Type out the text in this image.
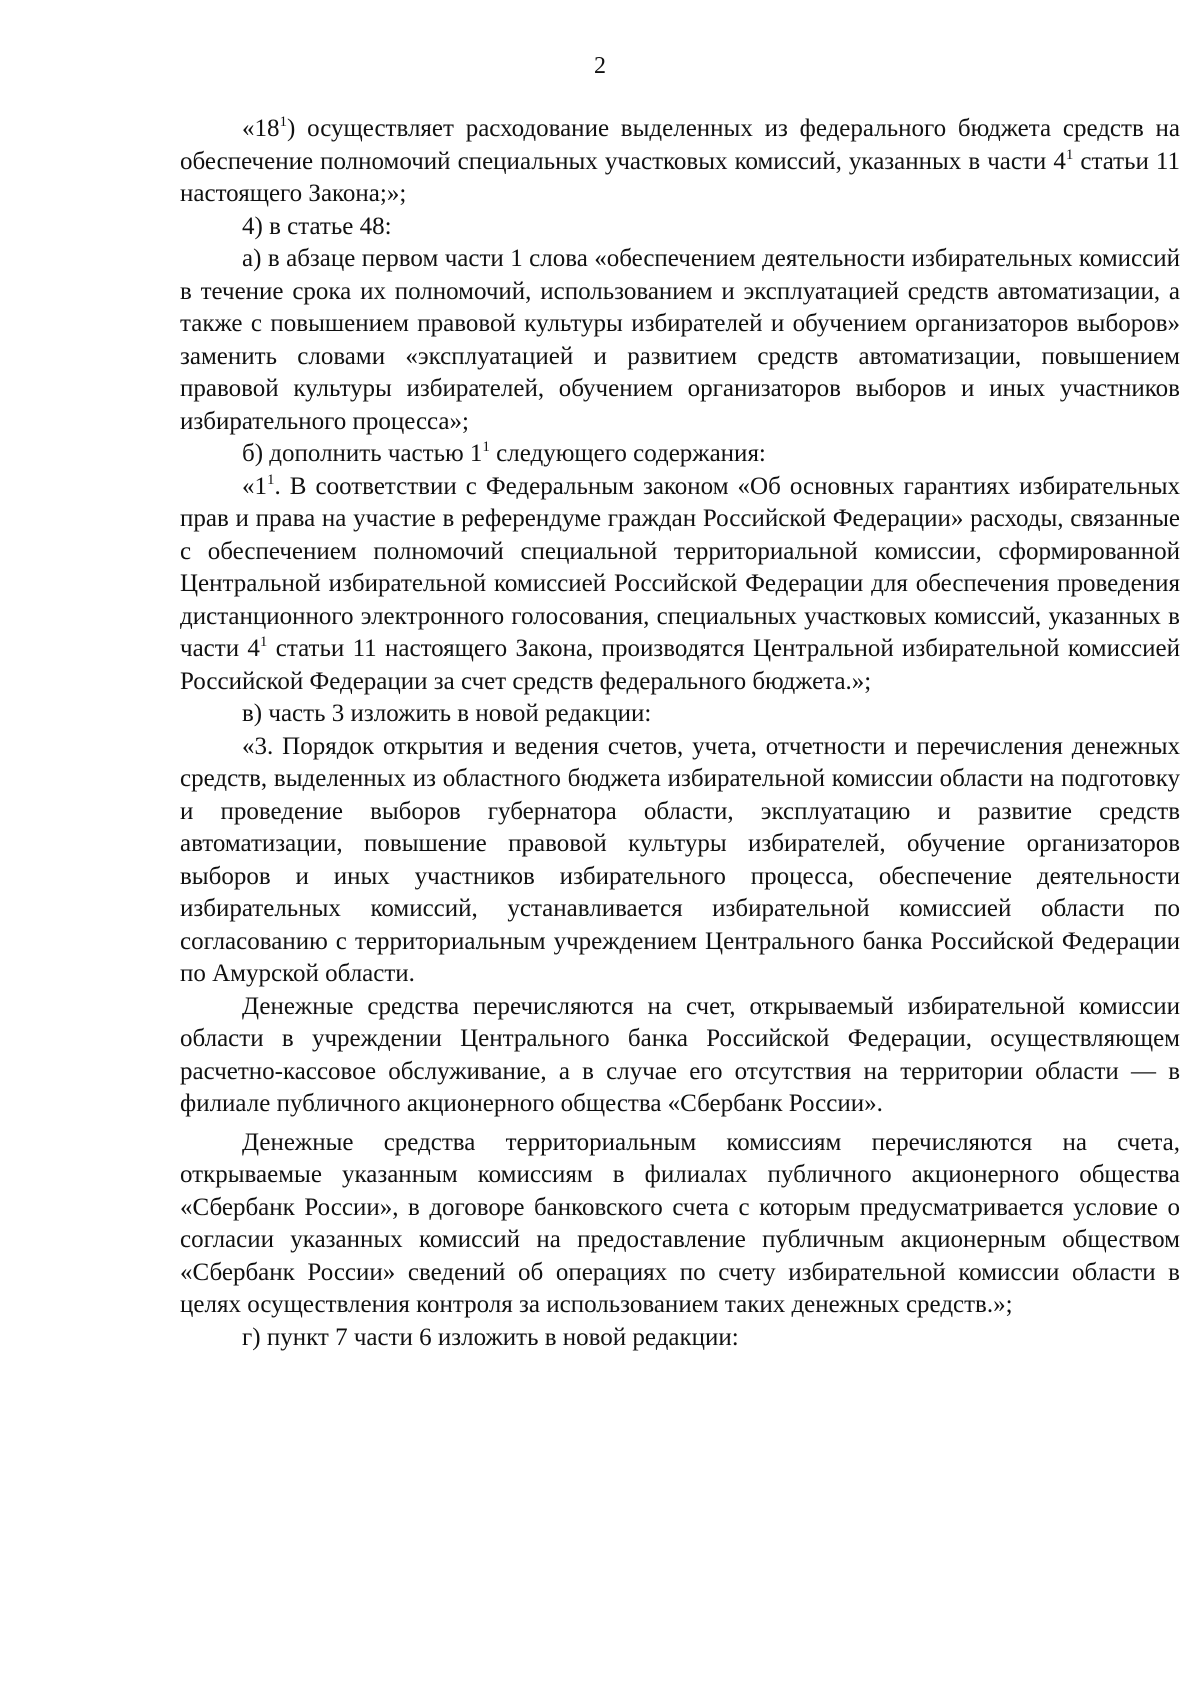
2

«$18^1$) осуществляет расходование выделенных из федерального бюджета средств на обеспечение полномочий специальных участковых комиссий, указанных в части $4^1$ статьи 11 настоящего Закона;»;

4) в статье 48:

а) в абзаце первом части 1 слова «обеспечением деятельности избирательных комиссий в течение срока их полномочий, использованием и эксплуатацией средств автоматизации, а также с повышением правовой культуры избирателей и обучением организаторов выборов» заменить словами «эксплуатацией и развитием средств автоматизации, повышением правовой культуры избирателей, обучением организаторов выборов и иных участников избирательного процесса»;

б) дополнить частью $1^1$ следующего содержания:

«$1^1$. В соответствии с Федеральным законом «Об основных гарантиях избирательных прав и права на участие в референдуме граждан Российской Федерации» расходы, связанные с обеспечением полномочий специальной территориальной комиссии, сформированной Центральной избирательной комиссией Российской Федерации для обеспечения проведения дистанционного электронного голосования, специальных участковых комиссий, указанных в части $4^1$ статьи 11 настоящего Закона, производятся Центральной избирательной комиссией Российской Федерации за счет средств федерального бюджета.»;

в) часть 3 изложить в новой редакции:

«3. Порядок открытия и ведения счетов, учета, отчетности и перечисления денежных средств, выделенных из областного бюджета избирательной комиссии области на подготовку и проведение выборов губернатора области, эксплуатацию и развитие средств автоматизации, повышение правовой культуры избирателей, обучение организаторов выборов и иных участников избирательного процесса, обеспечение деятельности избирательных комиссий, устанавливается избирательной комиссией области по согласованию с территориальным учреждением Центрального банка Российской Федерации по Амурской области.

Денежные средства перечисляются на счет, открываемый избирательной комиссии области в учреждении Центрального банка Российской Федерации, осуществляющем расчетно-кассовое обслуживание, а в случае его отсутствия на территории области — в филиале публичного акционерного общества «Сбербанк России».

Денежные средства территориальным комиссиям перечисляются на счета, открываемые указанным комиссиям в филиалах публичного акционерного общества «Сбербанк России», в договоре банковского счета с которым предусматривается условие о согласии указанных комиссий на предоставление публичным акционерным обществом «Сбербанк России» сведений об операциях по счету избирательной комиссии области в целях осуществления контроля за использованием таких денежных средств.»;

г) пункт 7 части 6 изложить в новой редакции:
